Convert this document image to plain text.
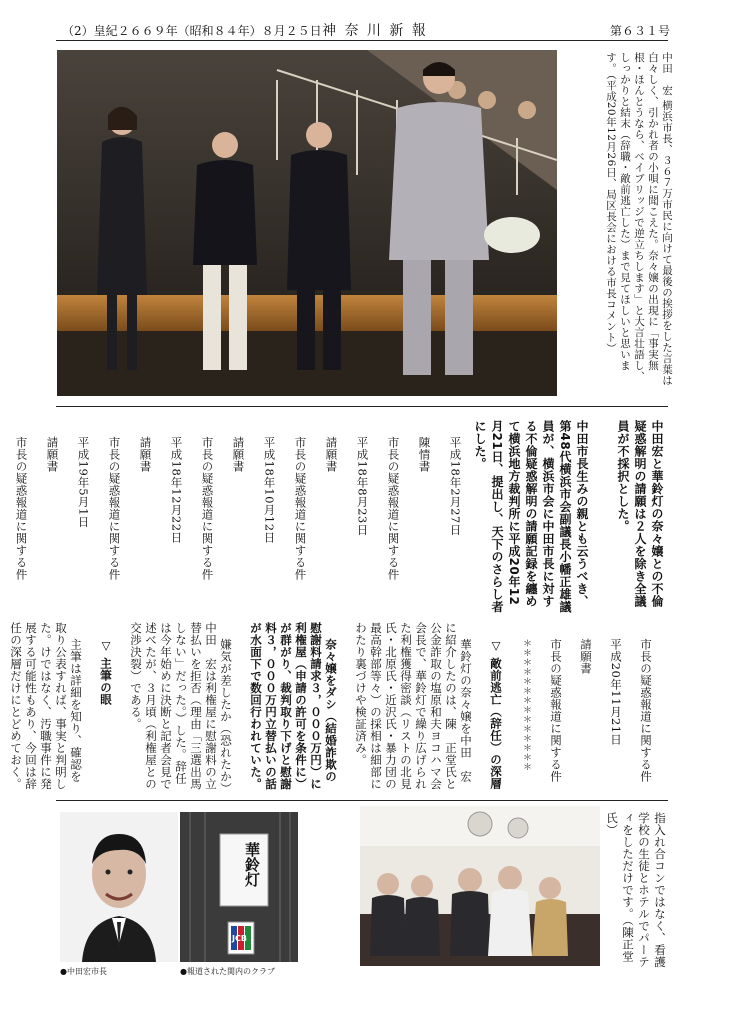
（2）皇紀２６６９年（昭和８４年）８月２５日 神 奈 川 新 報	第６３１号
中田　宏 横浜市長、３６７万市民に向けて最後の挨拶をした言葉は白々しく、引かれ者の小唄に聞こえた。奈々嬢の出現に「事実無根・ほんとうなら、ベイブリッジで逆立ちします」と大言壮語し、しっかりと結末（辞職・敵前逃亡した）まで見てほしいと思います。（平成20年12月26日、局区長会における市長コメント）
中田宏と華鈴灯の奈々嬢との不倫疑惑解明の請願は２人を除き全議員が不採択とした。
中田市長生みの親とも云うべき、第48代横浜市会副議長小幡正雄議員が、横浜市会に中田市長に対する不倫疑惑解明の請願記録を纏めて横浜地方裁判所に平成20年12月21日、提出し、天下のさらし者にした。

平成18年2月27日

陳情書

市長の疑惑報道に関する件

平成18年8月23日

請願書

市長の疑惑報道に関する件

平成18年10月12日

請願書

市長の疑惑報道に関する件

平成18年12月22日

請願書

市長の疑惑報道に関する件

平成19年5月1日

請願書

市長の疑惑報道に関する件

市長の疑惑報道に関する件

平成20年11月21日

請願書

市長の疑惑報道に関する件

＊＊＊＊＊＊＊＊＊＊＊＊＊＊

▽ 敵前逃亡（辞任）の深層

華鈴灯の奈々嬢を中田　宏に紹介したのは、陳　正堂氏と公金詐取の塩原和夫ヨコハマ会会長で、華鈴灯で繰り広げられた利権獲得密談（リストの北見氏・北原氏・近沢氏・暴力団の最高幹部等々）の採相は細部にわたり裏づけや検証済み。

奈々嬢をダシ（結婚詐欺の慰謝料請求３，０００万円）に利権屋（申請の許可を条件に）が群がり、裁判取り下げと慰謝料３，０００万円立替払いの話が水面下で数回行われていた。

嫌気が差したか（恐れたか）中田　宏は利権屋に慰謝料の立替払いを拒否（理由「三選出馬しない」だった。）した。辞任は今年始めに決断と記者会見で述べたが、３月頃（利権屋との交渉決裂）である。

▽ 主筆の眼

主筆は詳細を知り、確認を取り公表すれば、事実と判明した。けではなく、汚職事件に発展する可能性もあり、今回は辞任の深層だけにとどめておく。

指入れ合コンではなく、看護学校の生徒とホテルでパーティをしただけです。（陳正堂氏）
●中田宏市長
華鈴灯
JCB
●報道された関内のクラブ
